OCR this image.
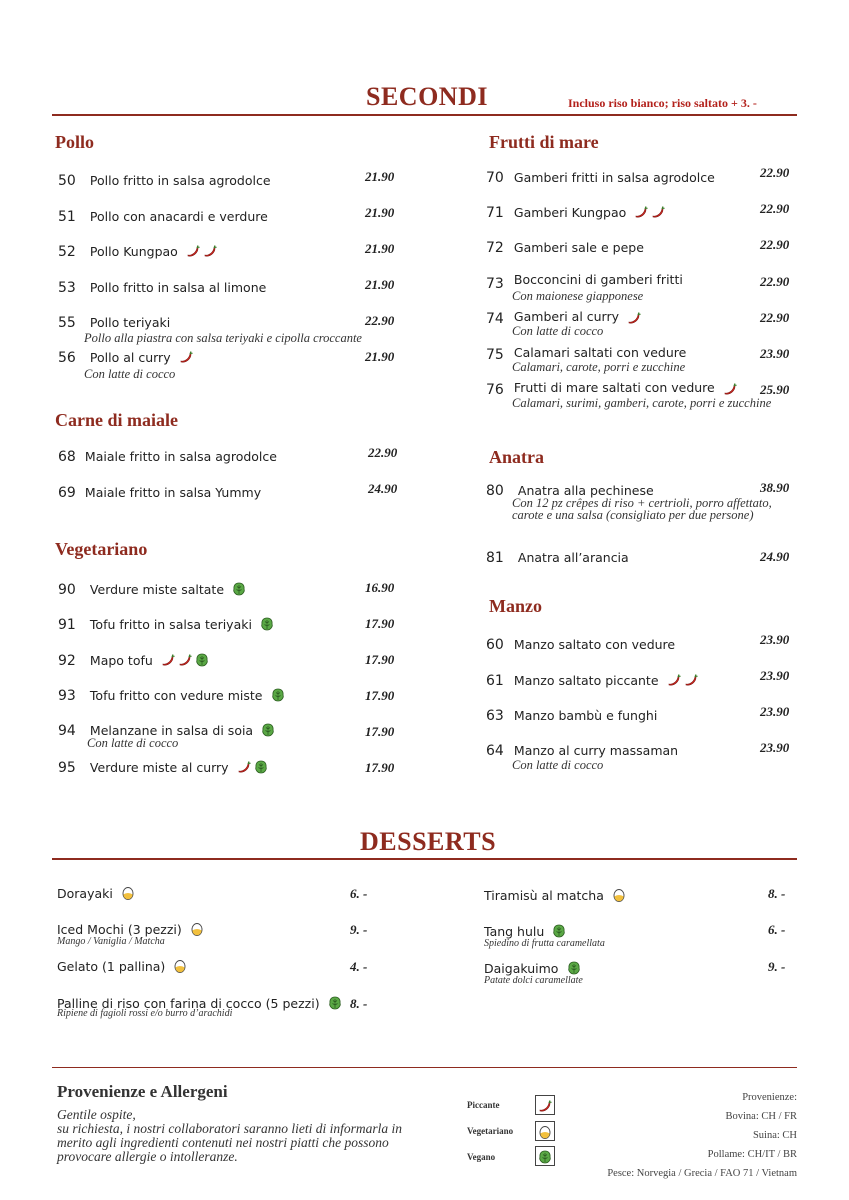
SECONDI	Incluso riso bianco; riso saltato + 3. -
Pollo
50 Pollo fritto in salsa agrodolce	21.90
51 Pollo con anacardi e verdure	21.90
52 Pollo Kungpao	21.90
53 Pollo fritto in salsa al limone	21.90
55 Pollo teriyaki	22.90
Pollo alla piastra con salsa teriyaki e cipolla croccante
56 Pollo al curry	21.90
Con latte di cocco
Carne di maiale
68 Maiale fritto in salsa agrodolce	22.90
69 Maiale fritto in salsa Yummy	24.90
Vegetariano
90 Verdure miste saltate	16.90
91 Tofu fritto in salsa teriyaki	17.90
92 Mapo tofu	17.90
93 Tofu fritto con vedure miste	17.90
94 Melanzane in salsa di soia	17.90
Con latte di cocco
95 Verdure miste al curry	17.90
Frutti di mare
70 Gamberi fritti in salsa agrodolce	22.90
71 Gamberi Kungpao	22.90
72 Gamberi sale e pepe	22.90
73 $^{Bocconcini di gamberi fritti}$	22.90
Con maionese giapponese
74 Gamberi al curry	22.90
Con latte di cocco
75 Calamari saltati con vedure	23.90
Calamari, carote, porri e zucchine
76 Frutti di mare saltati con vedure	25.90
Calamari, surimi, gamberi, carote, porri e zucchine
Anatra
80 Anatra alla pechinese	38.90
Con 12 pz crêpes di riso + certrioli, porro affettato,
carote e una salsa (consigliato per due persone)
81 Anatra all’arancia	24.90
Manzo
60 Manzo saltato con vedure	23.90
61 Manzo saltato piccante	23.90
63 Manzo bambù e funghi	23.90
64 Manzo al curry massaman	23.90
Con latte di cocco
DESSERTS
Dorayaki	6. -
Iced Mochi (3 pezzi)	9. -
Mango / Vaniglia / Matcha
Gelato (1 pallina)	4. -
Palline di riso con farina di cocco (5 pezzi)	8. -
Ripiene di fagioli rossi e/o burro d’arachidi
Tiramisù al matcha	8. -
Tang hulu	6. -
Spiedino di frutta caramellata
Daigakuimo	9. -
Patate dolci caramellate
Provenienze e Allergeni
Gentile ospite,
su richiesta, i nostri collaboratori saranno lieti di informarla in
merito agli ingredienti contenuti nei nostri piatti che possono
provocare allergie o intolleranze.
Piccante
Vegetariano
Vegano
Provenienze:
Bovina: CH / FR
Suina: CH
Pollame: CH/IT / BR
Pesce: Norvegia / Grecia / FAO 71 / Vietnam
